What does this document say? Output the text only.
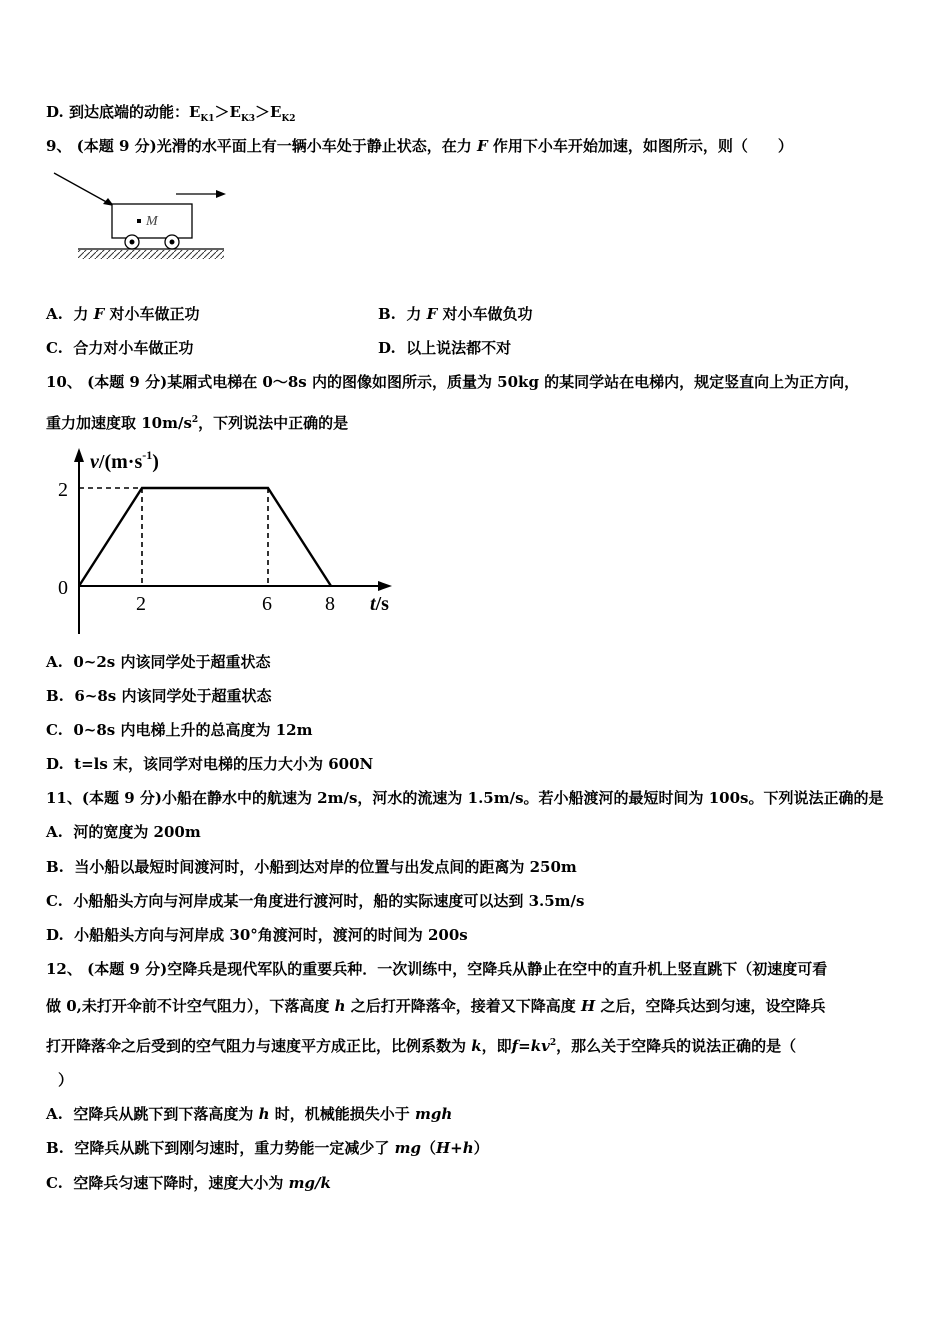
D. 到达底端的动能：$E_{K1}>E_{K3}>E_{K2}$
9、 (本题 9 分)光滑的水平面上有一辆小车处于静止状态，在力 F 作用下小车开始加速，如图所示，则（　　）
M
A. 力 F 对小车做正功	B. 力 F 对小车做负功
C. 合力对小车做正功	D. 以上说法都不对
10、 (本题 9 分)某厢式电梯在 0～8s 内的图像如图所示，质量为 50kg 的某同学站在电梯内，规定竖直向上为正方向，
重力加速度取 $10m/s^2$，下列说法中正确的是
$v/(m\cdot s^{-1})$
t/s
0
2	6	8
2
A. 0~2s 内该同学处于超重状态
B. 6~8s 内该同学处于超重状态
C. 0~8s 内电梯上升的总高度为 12m
D. t=ls 末，该同学对电梯的压力大小为 600N
11、(本题 9 分)小船在静水中的航速为 2m/s，河水的流速为 1.5m/s。若小船渡河的最短时间为 100s。下列说法正确的是
A. 河的宽度为 200m
B. 当小船以最短时间渡河时，小船到达对岸的位置与出发点间的距离为 250m
C. 小船船头方向与河岸成某一角度进行渡河时，船的实际速度可以达到 3.5m/s
D. 小船船头方向与河岸成 30°角渡河时，渡河的时间为 200s
12、 (本题 9 分)空降兵是现代军队的重要兵种．一次训练中，空降兵从静止在空中的直升机上竖直跳下（初速度可看
做 0,未打开伞前不计空气阻力），下落高度 h 之后打开降落伞，接着又下降高度 H 之后，空降兵达到匀速，设空降兵
打开降落伞之后受到的空气阻力与速度平方成正比，比例系数为 k，即$f=kv^2$，那么关于空降兵的说法正确的是（
）
A. 空降兵从跳下到下落高度为 h 时，机械能损失小于 mgh
B. 空降兵从跳下到刚匀速时，重力势能一定减少了 mg（H+h）
C. 空降兵匀速下降时，速度大小为 mg/k
